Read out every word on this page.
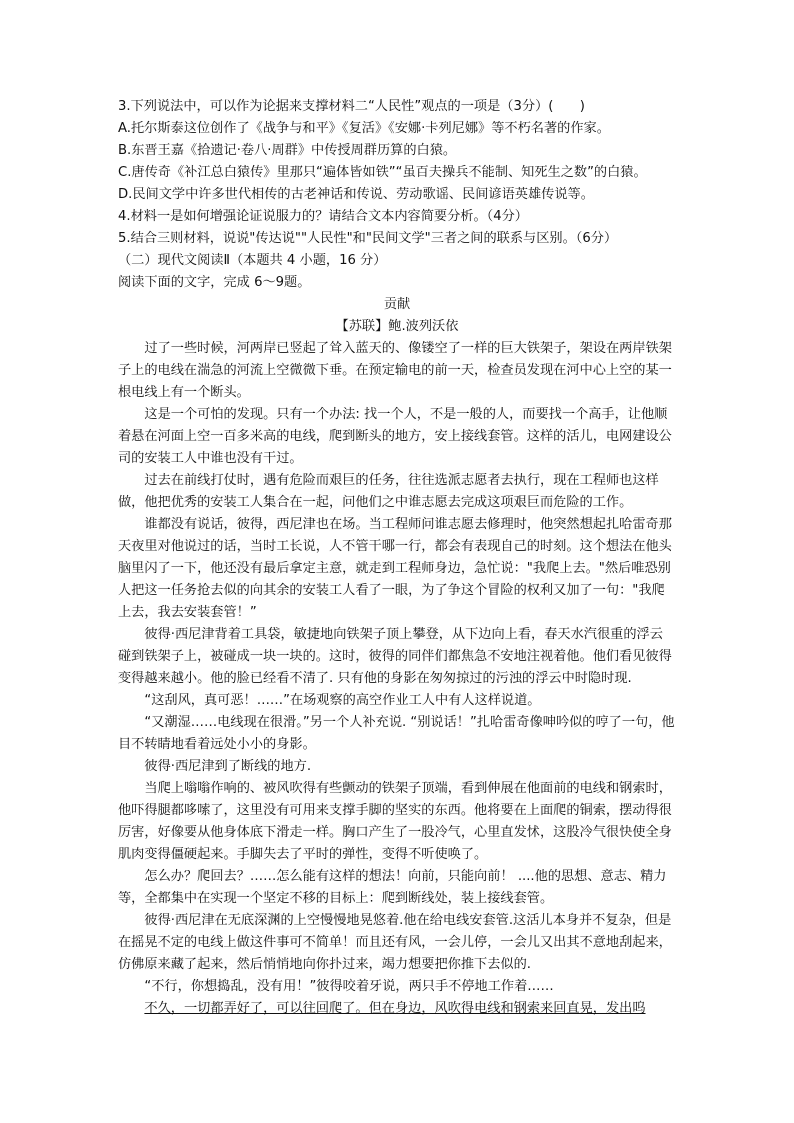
3.下列说法中，可以作为论据来支撑材料二“人民性”观点的一项是（3分）(　　)

A.托尔斯泰这位创作了《战争与和平》《复活》《安娜·卡列尼娜》等不朽名著的作家。

B.东晋王嘉《拾遗记·卷八·周群》中传授周群历算的白猿。

C.唐传奇《补江总白猿传》里那只“遍体皆如铁”“虽百夫操兵不能制、知死生之数”的白猿。

D.民间文学中许多世代相传的古老神话和传说、劳动歌谣、民间谚语英雄传说等。

4.材料一是如何增强论证说服力的？请结合文本内容简要分析。（4分）

5.结合三则材料，说说"传达说""人民性"和"民间文学"三者之间的联系与区别。（6分）

（二）现代文阅读Ⅱ（本题共 4 小题，16 分）

阅读下面的文字，完成 6～9题。

贡献

【苏联】鲍.波列沃依

过了一些时候，河两岸已竖起了耸入蓝天的、像镂空了一样的巨大铁架子，架设在两岸铁架子上的电线在湍急的河流上空微微下垂。在预定输电的前一天，检查员发现在河中心上空的某一根电线上有一个断头。

这是一个可怕的发现。只有一个办法: 找一个人，不是一般的人，而要找一个高手，让他顺着悬在河面上空一百多米高的电线，爬到断头的地方，安上接线套管。这样的活儿，电网建设公司的安装工人中谁也没有干过。

过去在前线打仗时，遇有危险而艰巨的任务，往往选派志愿者去执行，现在工程师也这样做，他把优秀的安装工人集合在一起，问他们之中谁志愿去完成这项艰巨而危险的工作。

谁都没有说话，彼得，西尼津也在场。当工程师问谁志愿去修理时，他突然想起扎哈雷奇那天夜里对他说过的话，当时工长说，人不管干哪一行，都会有表现自己的时刻。这个想法在他头脑里闪了一下，他还没有最后拿定主意，就走到工程师身边，急忙说："我爬上去。"然后唯恐别人把这一任务抢去似的向其余的安装工人看了一眼，为了争这个冒险的权利又加了一句："我爬上去，我去安装套管！”

彼得·西尼津背着工具袋，敏捷地向铁架子顶上攀登，从下边向上看，春天水汽很重的浮云碰到铁架子上，被碰成一块一块的。这时，彼得的同伴们都焦急不安地注视着他。他们看见彼得变得越来越小。他的脸已经看不清了. 只有他的身影在匆匆掠过的污浊的浮云中时隐时现.

“这刮风，真可恶！……”在场观察的高空作业工人中有人这样说道。

“又潮湿……电线现在很滑。”另一个人补充说. “别说话！”扎哈雷奇像呻吟似的哼了一句，他目不转睛地看着远处小小的身影。

彼得·西尼津到了断线的地方.

当爬上嗡嗡作响的、被风吹得有些颤动的铁架子顶端，看到伸展在他面前的电线和钢索时，他吓得腿都哆嗦了，这里没有可用来支撑手脚的坚实的东西。他将要在上面爬的铜索，摆动得很厉害，好像要从他身体底下滑走一样。胸口产生了一股冷气，心里直发怵，这股冷气很快使全身肌肉变得僵硬起来。手脚失去了平时的弹性，变得不听使唤了。

怎么办？爬回去？……怎么能有这样的想法！向前，只能向前！ ....他的思想、意志、精力等，全都集中在实现一个坚定不移的目标上：爬到断线处，装上接线套管。

彼得·西尼津在无底深渊的上空慢慢地晃悠着.他在给电线安套管.这活儿本身并不复杂，但是在摇晃不定的电线上做这件事可不简单！而且还有风，一会儿停，一会儿又出其不意地刮起来，仿佛原来藏了起来，然后悄悄地向你扑过来，竭力想要把你推下去似的.

“不行，你想捣乱，没有用！”彼得咬着牙说，两只手不停地工作着……

不久，一切都弄好了，可以往回爬了。但在身边，风吹得电线和钢索来回直晃，发出呜
